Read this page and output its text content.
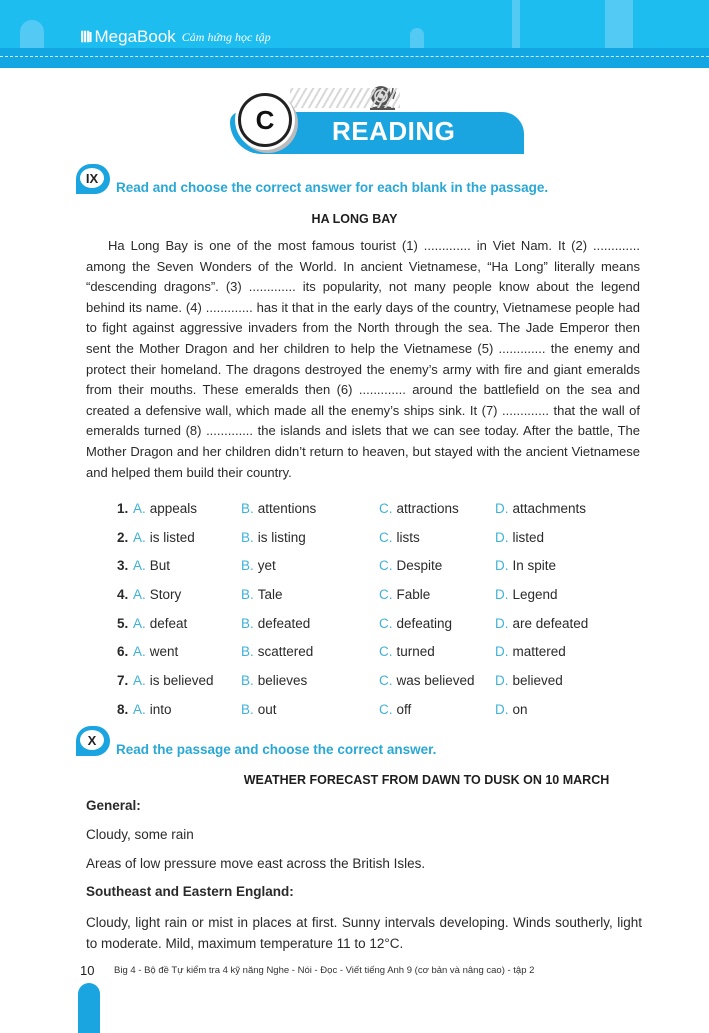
ⅢI MegaBook Cảm hứng học tập
C	READING
IX
Read and choose the correct answer for each blank in the passage.
HA LONG BAY
Ha Long Bay is one of the most famous tourist (1) ............. in Viet Nam. It (2) ............. among the Seven Wonders of the World. In ancient Vietnamese, “Ha Long” literally means “descending dragons”. (3) ............. its popularity, not many people know about the legend behind its name. (4) ............. has it that in the early days of the country, Vietnamese people had to fight against aggressive invaders from the North through the sea. The Jade Emperor then sent the Mother Dragon and her children to help the Vietnamese (5) ............. the enemy and protect their homeland. The dragons destroyed the enemy’s army with fire and giant emeralds from their mouths. These emeralds then (6) ............. around the battlefield on the sea and created a defensive wall, which made all the enemy’s ships sink. It (7) ............. that the wall of emeralds turned (8) ............. the islands and islets that we can see today. After the battle, The Mother Dragon and her children didn’t return to heaven, but stayed with the ancient Vietnamese and helped them build their country.
1. A. appeals	B. attentions	C. attractions	D. attachments
2. A. is listed	B. is listing	C. lists	D. listed
3. A. But	B. yet	C. Despite	D. In spite
4. A. Story	B. Tale	C. Fable	D. Legend
5. A. defeat	B. defeated	C. defeating	D. are defeated
6. A. went	B. scattered	C. turned	D. mattered
7. A. is believed B. believes	C. was believed D. believed
8. A. into	B. out	C. off	D. on
X
Read the passage and choose the correct answer.
WEATHER FORECAST FROM DAWN TO DUSK ON 10 MARCH
General:
Cloudy, some rain
Areas of low pressure move east across the British Isles.
Southeast and Eastern England:
Cloudy, light rain or mist in places at first. Sunny intervals developing. Winds southerly, light to moderate. Mild, maximum temperature 11 to 12°C.
10 Big 4 - Bộ đề Tự kiểm tra 4 kỹ năng Nghe - Nói - Đọc - Viết tiếng Anh 9 (cơ bản và nâng cao) - tập 2
